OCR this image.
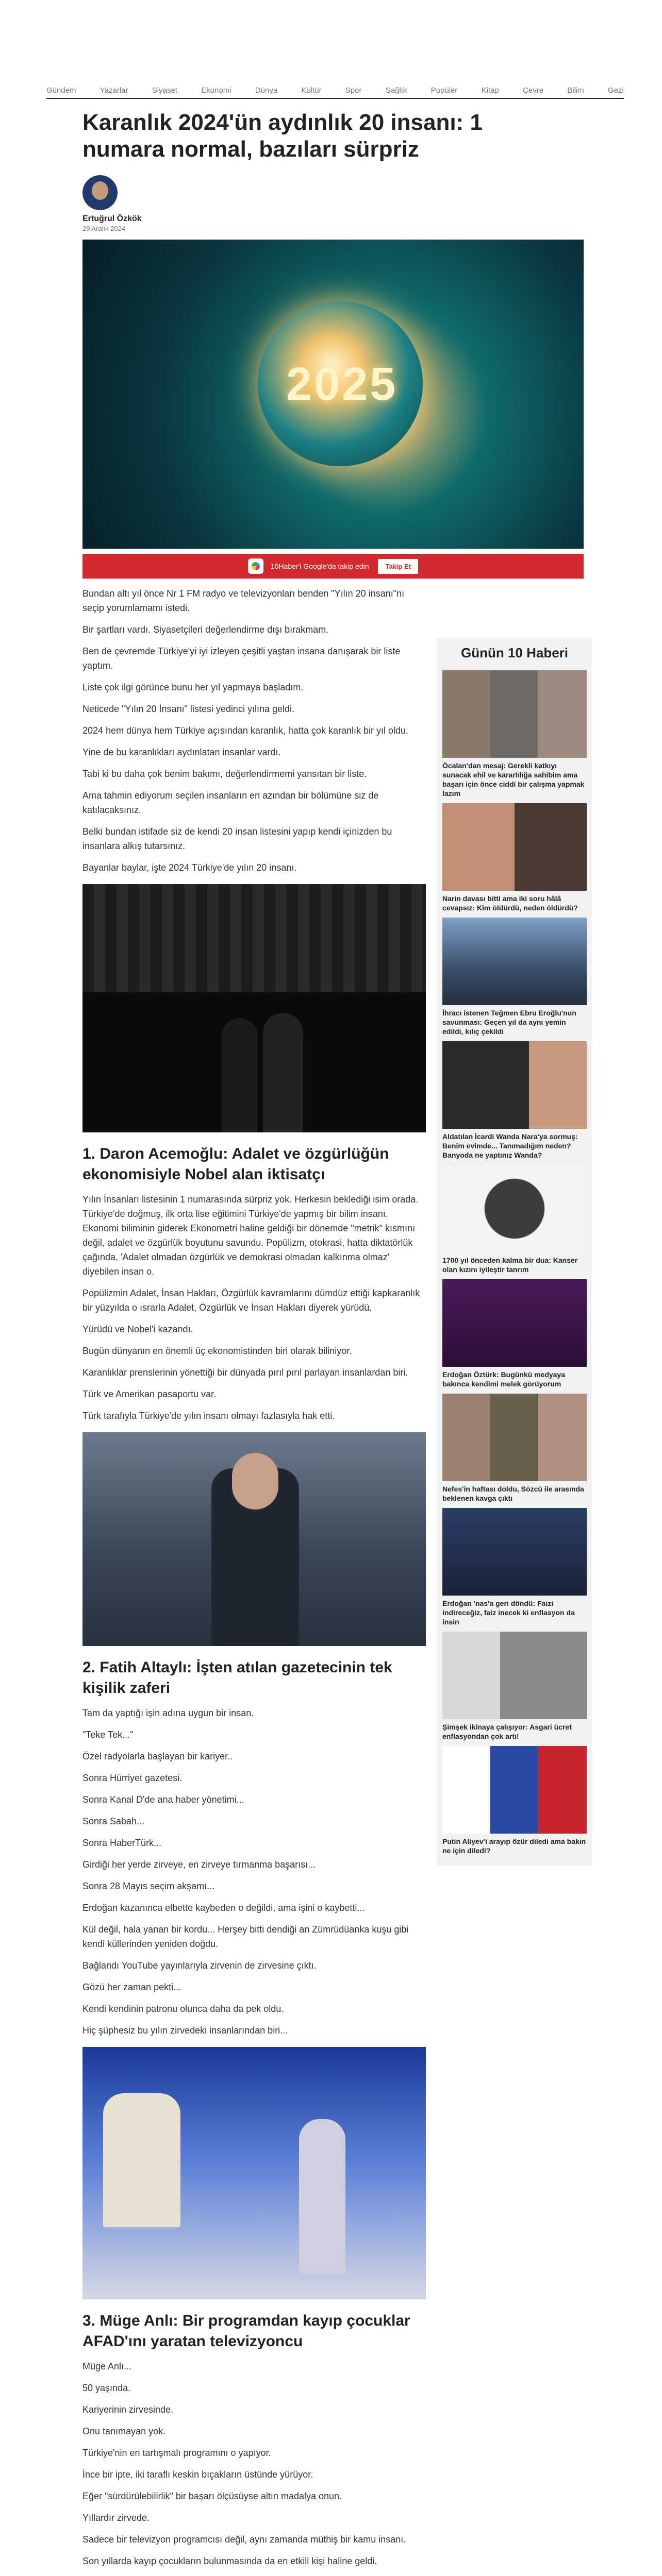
Gündem	Yazarlar	Siyaset	Ekonomi	Dünya	Kültür	Spor	Sağlık	Popüler	Kitap	Çevre	Bilim	Gezi
Karanlık 2024'ün aydınlık 20 insanı: 1 numara normal, bazıları sürpriz
Ertuğrul Özkök
29 Aralık 2024
2025
10Haber'i Google'da takip edin	Takip Et

Bundan altı yıl önce Nr 1 FM radyo ve televizyonları benden "Yılın 20 insanı"nı seçip yorumlamamı istedi.

Bir şartları vardı. Siyasetçileri değerlendirme dışı bırakmam.

Ben de çevremde Türkiye'yi iyi izleyen çeşitli yaştan insana danışarak bir liste yaptım.

Liste çok ilgi görünce bunu her yıl yapmaya başladım.

Neticede "Yılın 20 İnsanı" listesi yedinci yılına geldi.

2024 hem dünya hem Türkiye açısından karanlık, hatta çok karanlık bir yıl oldu.

Yine de bu karanlıkları aydınlatan insanlar vardı.

Tabi ki bu daha çok benim bakımı, değerlendirmemi yansıtan bir liste.

Ama tahmin ediyorum seçilen insanların en azından bir bölümüne siz de katılacaksınız.

Belki bundan istifade siz de kendi 20 insan listesini yapıp kendi içinizden bu insanlara alkış tutarsınız.

Bayanlar baylar, işte 2024 Türkiye'de yılın 20 insanı.

1. Daron Acemoğlu: Adalet ve özgürlüğün ekonomisiyle Nobel alan iktisatçı

Yılın İnsanları listesinin 1 numarasında sürpriz yok. Herkesin beklediği isim orada. Türkiye'de doğmuş, ilk orta lise eğitimini Türkiye'de yapmış bir bilim insanı. Ekonomi biliminin giderek Ekonometri haline geldiği bir dönemde "metrik" kısmını değil, adalet ve özgürlük boyutunu savundu. Popülizm, otokrasi, hatta diktatörlük çağında, 'Adalet olmadan özgürlük ve demokrasi olmadan kalkınma olmaz' diyebilen insan o.

Popülizmin Adalet, İnsan Hakları, Özgürlük kavramlarını dümdüz ettiği kapkaranlık bir yüzyılda o ısrarla Adalet, Özgürlük ve İnsan Hakları diyerek yürüdü.

Yürüdü ve Nobel'i kazandı.

Bugün dünyanın en önemli üç ekonomistinden biri olarak biliniyor.

Karanlıklar prenslerinin yönettiği bir dünyada pırıl pırıl parlayan insanlardan biri.

Türk ve Amerikan pasaportu var.

Türk tarafıyla Türkiye'de yılın insanı olmayı fazlasıyla hak etti.

2. Fatih Altaylı: İşten atılan gazetecinin tek kişilik zaferi

Tam da yaptığı işin adına uygun bir insan.

"Teke Tek..."

Özel radyolarla başlayan bir kariyer..

Sonra Hürriyet gazetesi.

Sonra Kanal D'de ana haber yönetimi...

Sonra Sabah...

Sonra HaberTürk...

Girdiği her yerde zirveye, en zirveye tırmanma başarısı...

Sonra 28 Mayıs seçim akşamı...

Erdoğan kazanınca elbette kaybeden o değildi, ama işini o kaybetti...

Kül değil, hala yanan bir kordu... Herşey bitti dendiği an Zümrüdüanka kuşu gibi kendi küllerinden yeniden doğdu.

Bağlandı YouTube yayınlarıyla zirvenin de zirvesine çıktı.

Gözü her zaman pekti...

Kendi kendinin patronu olunca daha da pek oldu.

Hiç şüphesiz bu yılın zirvedeki insanlarından biri...

3. Müge Anlı: Bir programdan kayıp çocuklar AFAD'ını yaratan televizyoncu

Müge Anlı...

50 yaşında.

Kariyerinin zirvesinde.

Onu tanımayan yok.

Türkiye'nin en tartışmalı programını o yapıyor.

İnce bir ipte, iki taraflı keskin bıçakların üstünde yürüyor.

Eğer "sürdürülebilirlik" bir başarı ölçüsüyse altın madalya onun.

Yıllardır zirvede.

Sadece bir televizyon programcısı değil, aynı zamanda müthiş bir kamu insanı.

Son yıllarda kayıp çocukların bulunmasında da en etkili kişi haline geldi.

Günün 10 Haberi
Öcalan'dan mesaj: Gerekli katkıyı sunacak ehil ve kararlılığa sahibim ama başarı için önce ciddi bir çalışma yapmak lazım
Narin davası bitti ama iki soru hâlâ cevapsız: Kim öldürdü, neden öldürdü?
İhracı istenen Teğmen Ebru Eroğlu'nun savunması: Geçen yıl da aynı yemin edildi, kılıç çekildi
Aldatılan İcardi Wanda Nara'ya sormuş: Benim evimde... Tanımadığım neden? Banyoda ne yaptınız Wanda?
1700 yıl önceden kalma bir dua: Kanser olan kızını iyileştir tanrım
Erdoğan Öztürk: Bugünkü medyaya bakınca kendimi melek görüyorum
Nefes'in haftası doldu, Sözcü ile arasında beklenen kavga çıktı
Erdoğan 'nas'a geri döndü: Faizi indireceğiz, faiz inecek ki enflasyon da insin
Şimşek ikinaya çalışıyor: Asgari ücret enflasyondan çok artı!
Putin Aliyev'i arayıp özür diledi ama bakın ne için diledi?
